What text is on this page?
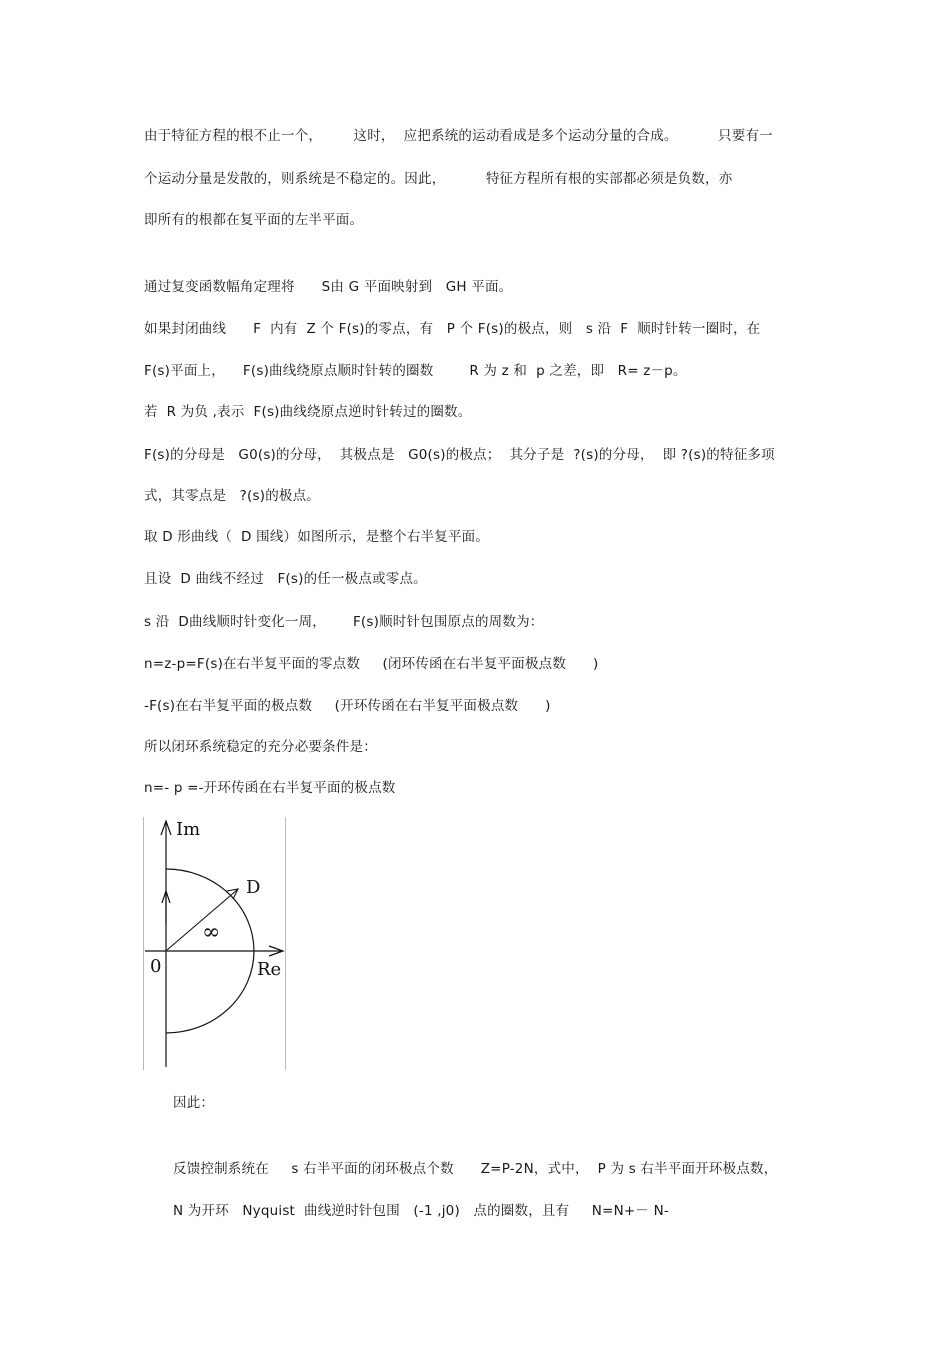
由于特征方程的根不止一个，       这时，  应把系统的运动看成是多个运动分量的合成。         只要有一
个运动分量是发散的，则系统是不稳定的。因此，         特征方程所有根的实部都必须是负数，亦
即所有的根都在复平面的左半平面。
通过复变函数幅角定理将      S由 G 平面映射到   GH 平面。
如果封闭曲线      F  内有  Z 个 F(s)的零点，有   P 个 F(s)的极点，则   s 沿  F  顺时针转一圈时，在
F(s)平面上，    F(s)曲线绕原点顺时针转的圈数        R 为 z 和  p 之差，即   R= z－p。
若  R 为负 ,表示  F(s)曲线绕原点逆时针转过的圈数。
F(s)的分母是   G0(s)的分母，  其极点是   G0(s)的极点；  其分子是  ?(s)的分母，  即 ?(s)的特征多项
式，其零点是   ?(s)的极点。
取 D 形曲线（  D 围线）如图所示，是整个右半复平面。
且设  D 曲线不经过   F(s)的任一极点或零点。
s 沿  D曲线顺时针变化一周，      F(s)顺时针包围原点的周数为：
n=z-p=F(s)在右半复平面的零点数     (闭环传函在右半复平面极点数      )
-F(s)在右半复平面的极点数     (开环传函在右半复平面极点数      )
所以闭环系统稳定的充分必要条件是：
n=- p =-开环传函在右半复平面的极点数
Im
D
∞
0	Re
因此：
反馈控制系统在     s 右半平面的闭环极点个数      Z=P-2N，式中，  P 为 s 右半平面开环极点数，
N 为开环   Nyquist  曲线逆时针包围   (-1 ,j0)   点的圈数，且有     N=N+－ N-
